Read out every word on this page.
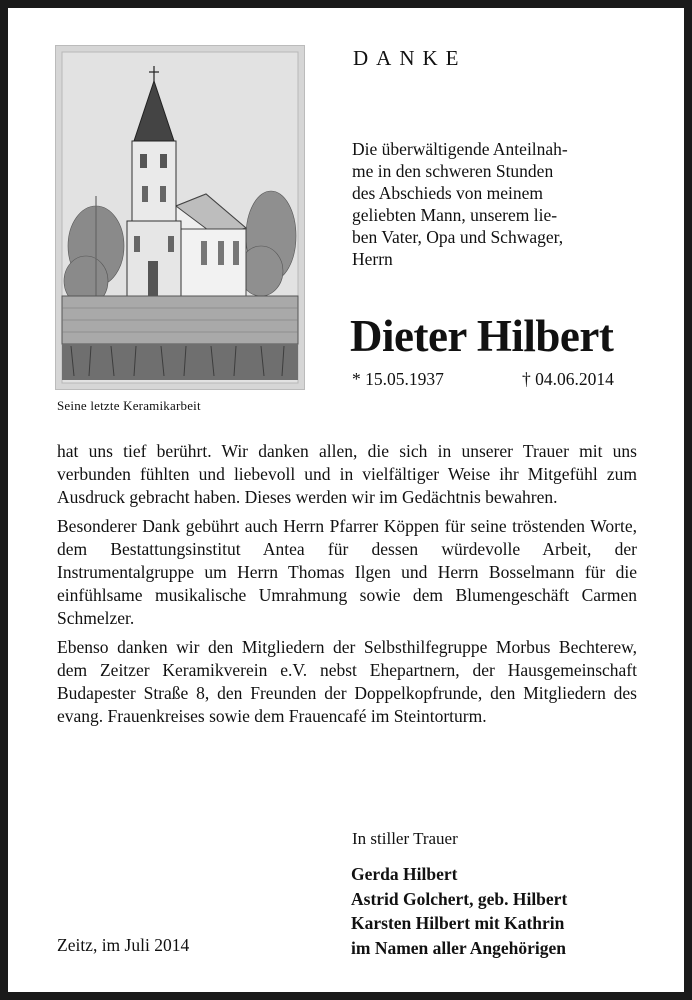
Seine letzte Keramikarbeit
DANKE

Die überwältigende Anteilnah-

me in den schweren Stunden

des Abschieds von meinem

geliebten Mann, unserem lie-

ben Vater, Opa und Schwager,

Herrn

Dieter Hilbert
* 15.05.1937	† 04.06.2014

hat uns tief berührt. Wir danken allen, die sich in unserer Trauer mit uns verbunden fühlten und liebevoll und in vielfältiger Weise ihr Mitgefühl zum Ausdruck gebracht haben. Dieses werden wir im Gedächtnis bewahren.

Besonderer Dank gebührt auch Herrn Pfarrer Köppen für seine tröstenden Worte, dem Bestattungsinstitut Antea für dessen würdevolle Arbeit, der Instrumentalgruppe um Herrn Thomas Ilgen und Herrn Bosselmann für die einfühlsame musikalische Umrahmung sowie dem Blumengeschäft Carmen Schmelzer.

Ebenso danken wir den Mitgliedern der Selbsthilfegruppe Morbus Bechterew, dem Zeitzer Keramikverein e.V. nebst Ehepartnern, der Hausgemeinschaft Budapester Straße 8, den Freunden der Doppelkopfrunde, den Mitgliedern des evang. Frauenkreises sowie dem Frauencafé im Steintorturm.

In stiller Trauer
Gerda Hilbert
Astrid Golchert, geb. Hilbert
Karsten Hilbert mit Kathrin
im Namen aller Angehörigen
Zeitz, im Juli 2014
